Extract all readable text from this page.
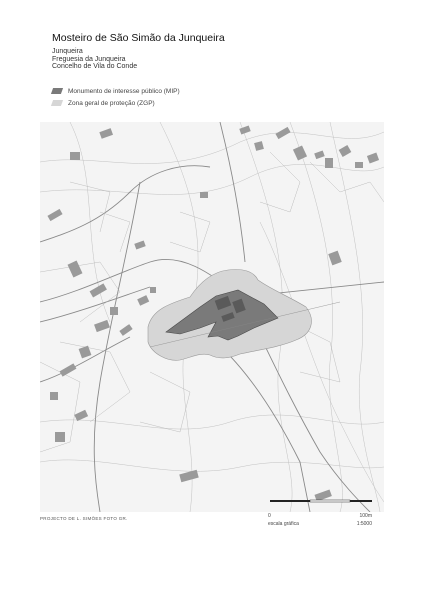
Mosteiro de São Simão da Junqueira
Junqueira
Freguesia da Junqueira
Concelho de Vila do Conde
Monumento de interesse público (MIP)
Zona geral de proteção (ZGP)
0	100m
escala gráfica	1:5000
PROJECTO DE L. SIMÕES FOTO GR.
